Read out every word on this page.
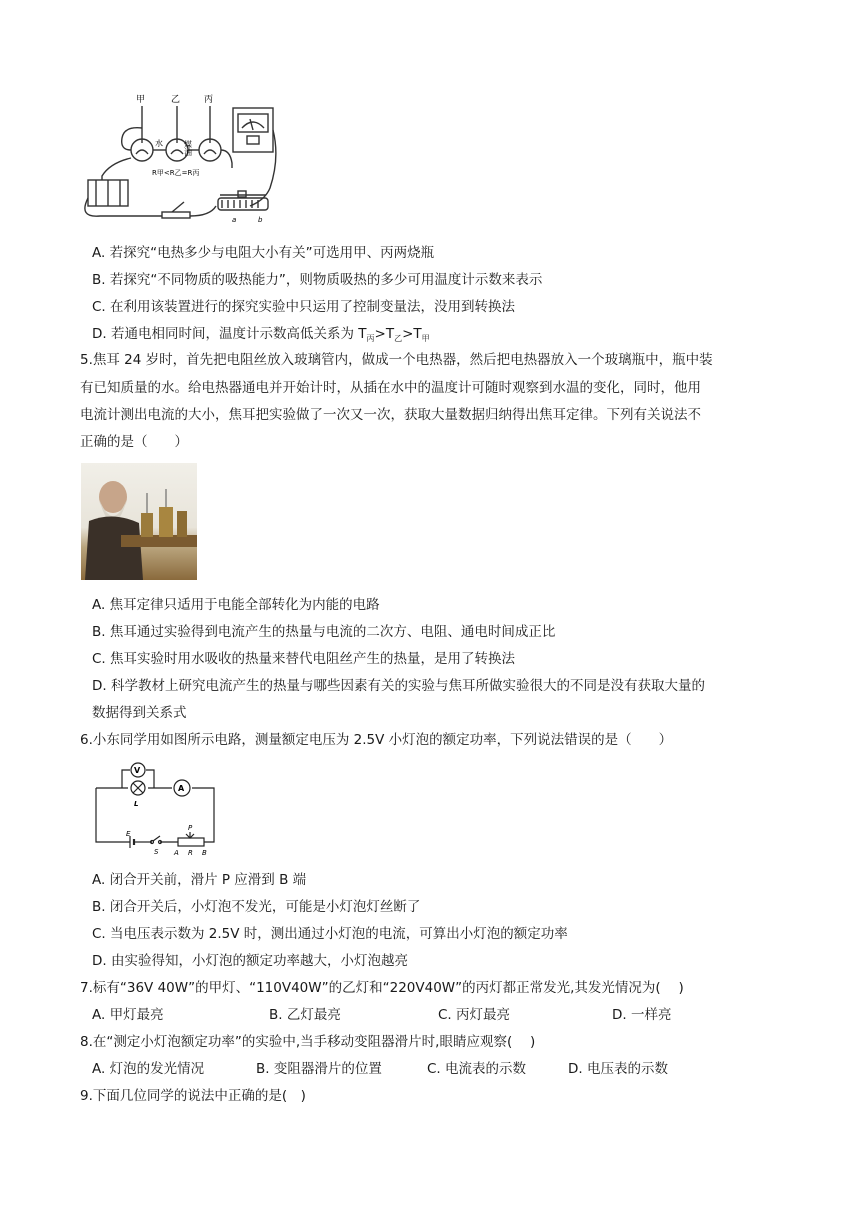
甲	乙	丙
水	煤油
R甲<R乙=R丙
a	b
A. 若探究“电热多少与电阻大小有关”可选用甲、丙两烧瓶
B. 若探究“不同物质的吸热能力”，则物质吸热的多少可用温度计示数来表示
C. 在利用该装置进行的探究实验中只运用了控制变量法，没用到转换法
D. 若通电相同时间，温度计示数高低关系为 $T_丙>T_乙>T_甲$
5.焦耳 24 岁时，首先把电阻丝放入玻璃管内，做成一个电热器，然后把电热器放入一个玻璃瓶中，瓶中装
有已知质量的水。给电热器通电并开始计时，从插在水中的温度计可随时观察到水温的变化，同时，他用
电流计测出电流的大小，焦耳把实验做了一次又一次，获取大量数据归纳得出焦耳定律。下列有关说法不
正确的是（　　）
A. 焦耳定律只适用于电能全部转化为内能的电路
B. 焦耳通过实验得到电流产生的热量与电流的二次方、电阻、通电时间成正比
C. 焦耳实验时用水吸收的热量来替代电阻丝产生的热量，是用了转换法
D. 科学教材上研究电流产生的热量与哪些因素有关的实验与焦耳所做实验很大的不同是没有获取大量的
数据得到关系式
6.小东同学用如图所示电路，测量额定电压为 2.5V 小灯泡的额定功率，下列说法错误的是（　　）
V
A
L
E
S
P
A R B
A. 闭合开关前，滑片 P 应滑到 B 端
B. 闭合开关后，小灯泡不发光，可能是小灯泡灯丝断了
C. 当电压表示数为 2.5V 时，测出通过小灯泡的电流，可算出小灯泡的额定功率
D. 由实验得知，小灯泡的额定功率越大，小灯泡越亮
7.标有“36V 40W”的甲灯、“110V40W”的乙灯和“220V40W”的丙灯都正常发光,其发光情况为(　 )
A. 甲灯最亮	B. 乙灯最亮	C. 丙灯最亮	D. 一样亮
8.在“测定小灯泡额定功率”的实验中,当手移动变阻器滑片时,眼睛应观察(　 )
A. 灯泡的发光情况	B. 变阻器滑片的位置	C. 电流表的示数	D. 电压表的示数
9.下面几位同学的说法中正确的是(　)
